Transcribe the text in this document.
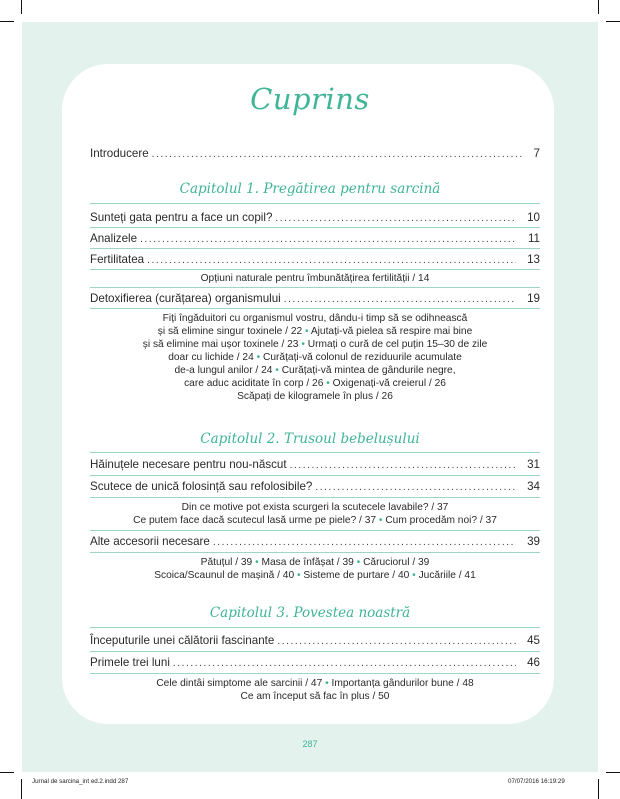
Cuprins
Introducere .....	7
Capitolul 1. Pregătirea pentru sarcină
Sunteți gata pentru a face un copil? .....	10
Analizele .....	11
Fertilitatea .....	13
Opțiuni naturale pentru îmbunătățirea fertilității / 14
Detoxifierea (curățarea) organismului .....	19
Fiți îngăduitori cu organismul vostru, dându-i timp să se odihnească
și să elimine singur toxinele / 22 • Ajutați-vă pielea să respire mai bine
și să elimine mai ușor toxinele / 23 • Urmați o cură de cel puțin 15–30 de zile
doar cu lichide / 24 • Curățați-vă colonul de reziduurile acumulate
de-a lungul anilor / 24 • Curățați-vă mintea de gândurile negre,
care aduc aciditate în corp / 26 • Oxigenați-vă creierul / 26
Scăpați de kilogramele în plus / 26
Capitolul 2. Trusoul bebelușului
Hăinuțele necesare pentru nou-născut .....	31
Scutece de unică folosință sau refolosibile? .....	34
Din ce motive pot exista scurgeri la scutecele lavabile? / 37
Ce putem face dacă scutecul lasă urme pe piele? / 37 • Cum procedăm noi? / 37
Alte accesorii necesare .....	39
Pătuțul / 39 • Masa de înfășat / 39 • Căruciorul / 39
Scoica/Scaunul de mașină / 40 • Sisteme de purtare / 40 • Jucăriile / 41
Capitolul 3. Povestea noastră
Începuturile unei călătorii fascinante .....	45
Primele trei luni .....	46
Cele dintâi simptome ale sarcinii / 47 • Importanța gândurilor bune / 48
Ce am început să fac în plus / 50
287
Jurnal de sarcina_int ed.2.indd 287	07/07/2016 16:19:29
